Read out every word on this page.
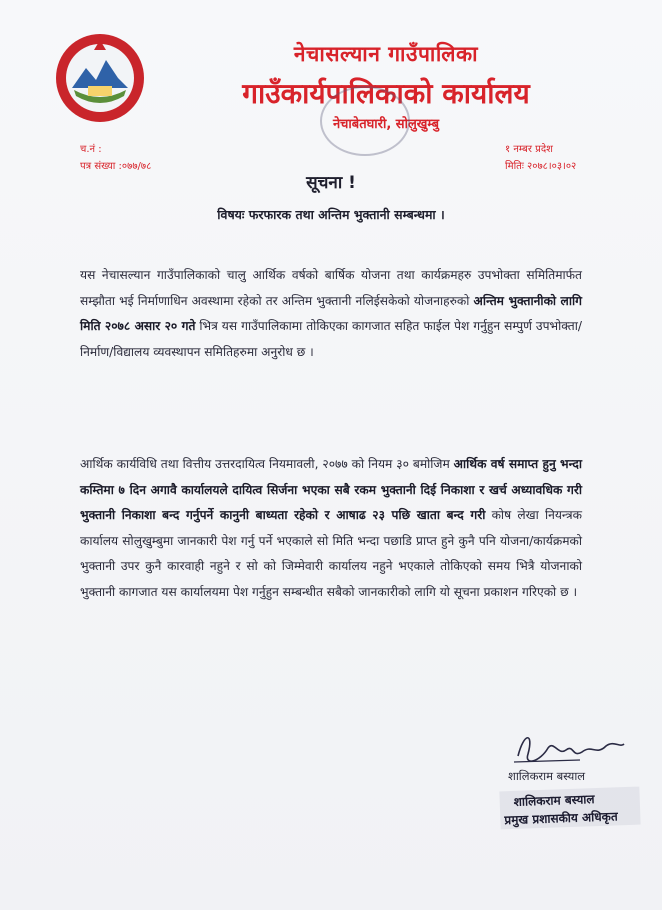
नेचासल्यान गाउँपालिका
गाउँकार्यपालिकाको कार्यालय
नेचाबेतघारी, सोलुखुम्बु
च.नं :
पत्र संख्या :०७७/७८
१ नम्बर प्रदेश
मितिः २०७८।०३।०२
सूचना !
विषयः फरफारक तथा अन्तिम भुक्तानी सम्बन्धमा ।
यस नेचासल्यान गाउँपालिकाको चालु आर्थिक वर्षको बार्षिक योजना तथा कार्यक्रमहरु उपभोक्ता समितिमार्फत सम्झौता भई निर्माणाधिन अवस्थामा रहेको तर अन्तिम भुक्तानी नलिईसकेको योजनाहरुको अन्तिम भुक्तानीको लागि मिति २०७८ असार २० गते भित्र यस गाउँपालिकामा तोकिएका कागजात सहित फाईल पेश गर्नुहुन सम्पुर्ण उपभोक्ता/निर्माण/विद्यालय व्यवस्थापन समितिहरुमा अनुरोध छ ।
आर्थिक कार्यविधि तथा वित्तीय उत्तरदायित्व नियमावली, २०७७ को नियम ३० बमोजिम आर्थिक वर्ष समाप्त हुनु भन्दा कम्तिमा ७ दिन अगावै कार्यालयले दायित्व सिर्जना भएका सबै रकम भुक्तानी दिई निकाशा र खर्च अध्यावधिक गरी भुक्तानी निकाशा बन्द गर्नुपर्ने कानुनी बाध्यता रहेको र आषाढ २३ पछि खाता बन्द गरी कोष लेखा नियन्त्रक कार्यालय सोलुखुम्बुमा जानकारी पेश गर्नु पर्ने भएकाले सो मिति भन्दा पछाडि प्राप्त हुने कुनै पनि योजना/कार्यक्रमको भुक्तानी उपर कुनै कारवाही नहुने र सो को जिम्मेवारी कार्यालय नहुने भएकाले तोकिएको समय भित्रै योजनाको भुक्तानी कागजात यस कार्यालयमा पेश गर्नुहुन सम्बन्धीत सबैको जानकारीको लागि यो सूचना प्रकाशन गरिएको छ ।
शालिकराम बस्याल
शालिकराम बस्याल
प्रमुख प्रशासकीय अधिकृत
